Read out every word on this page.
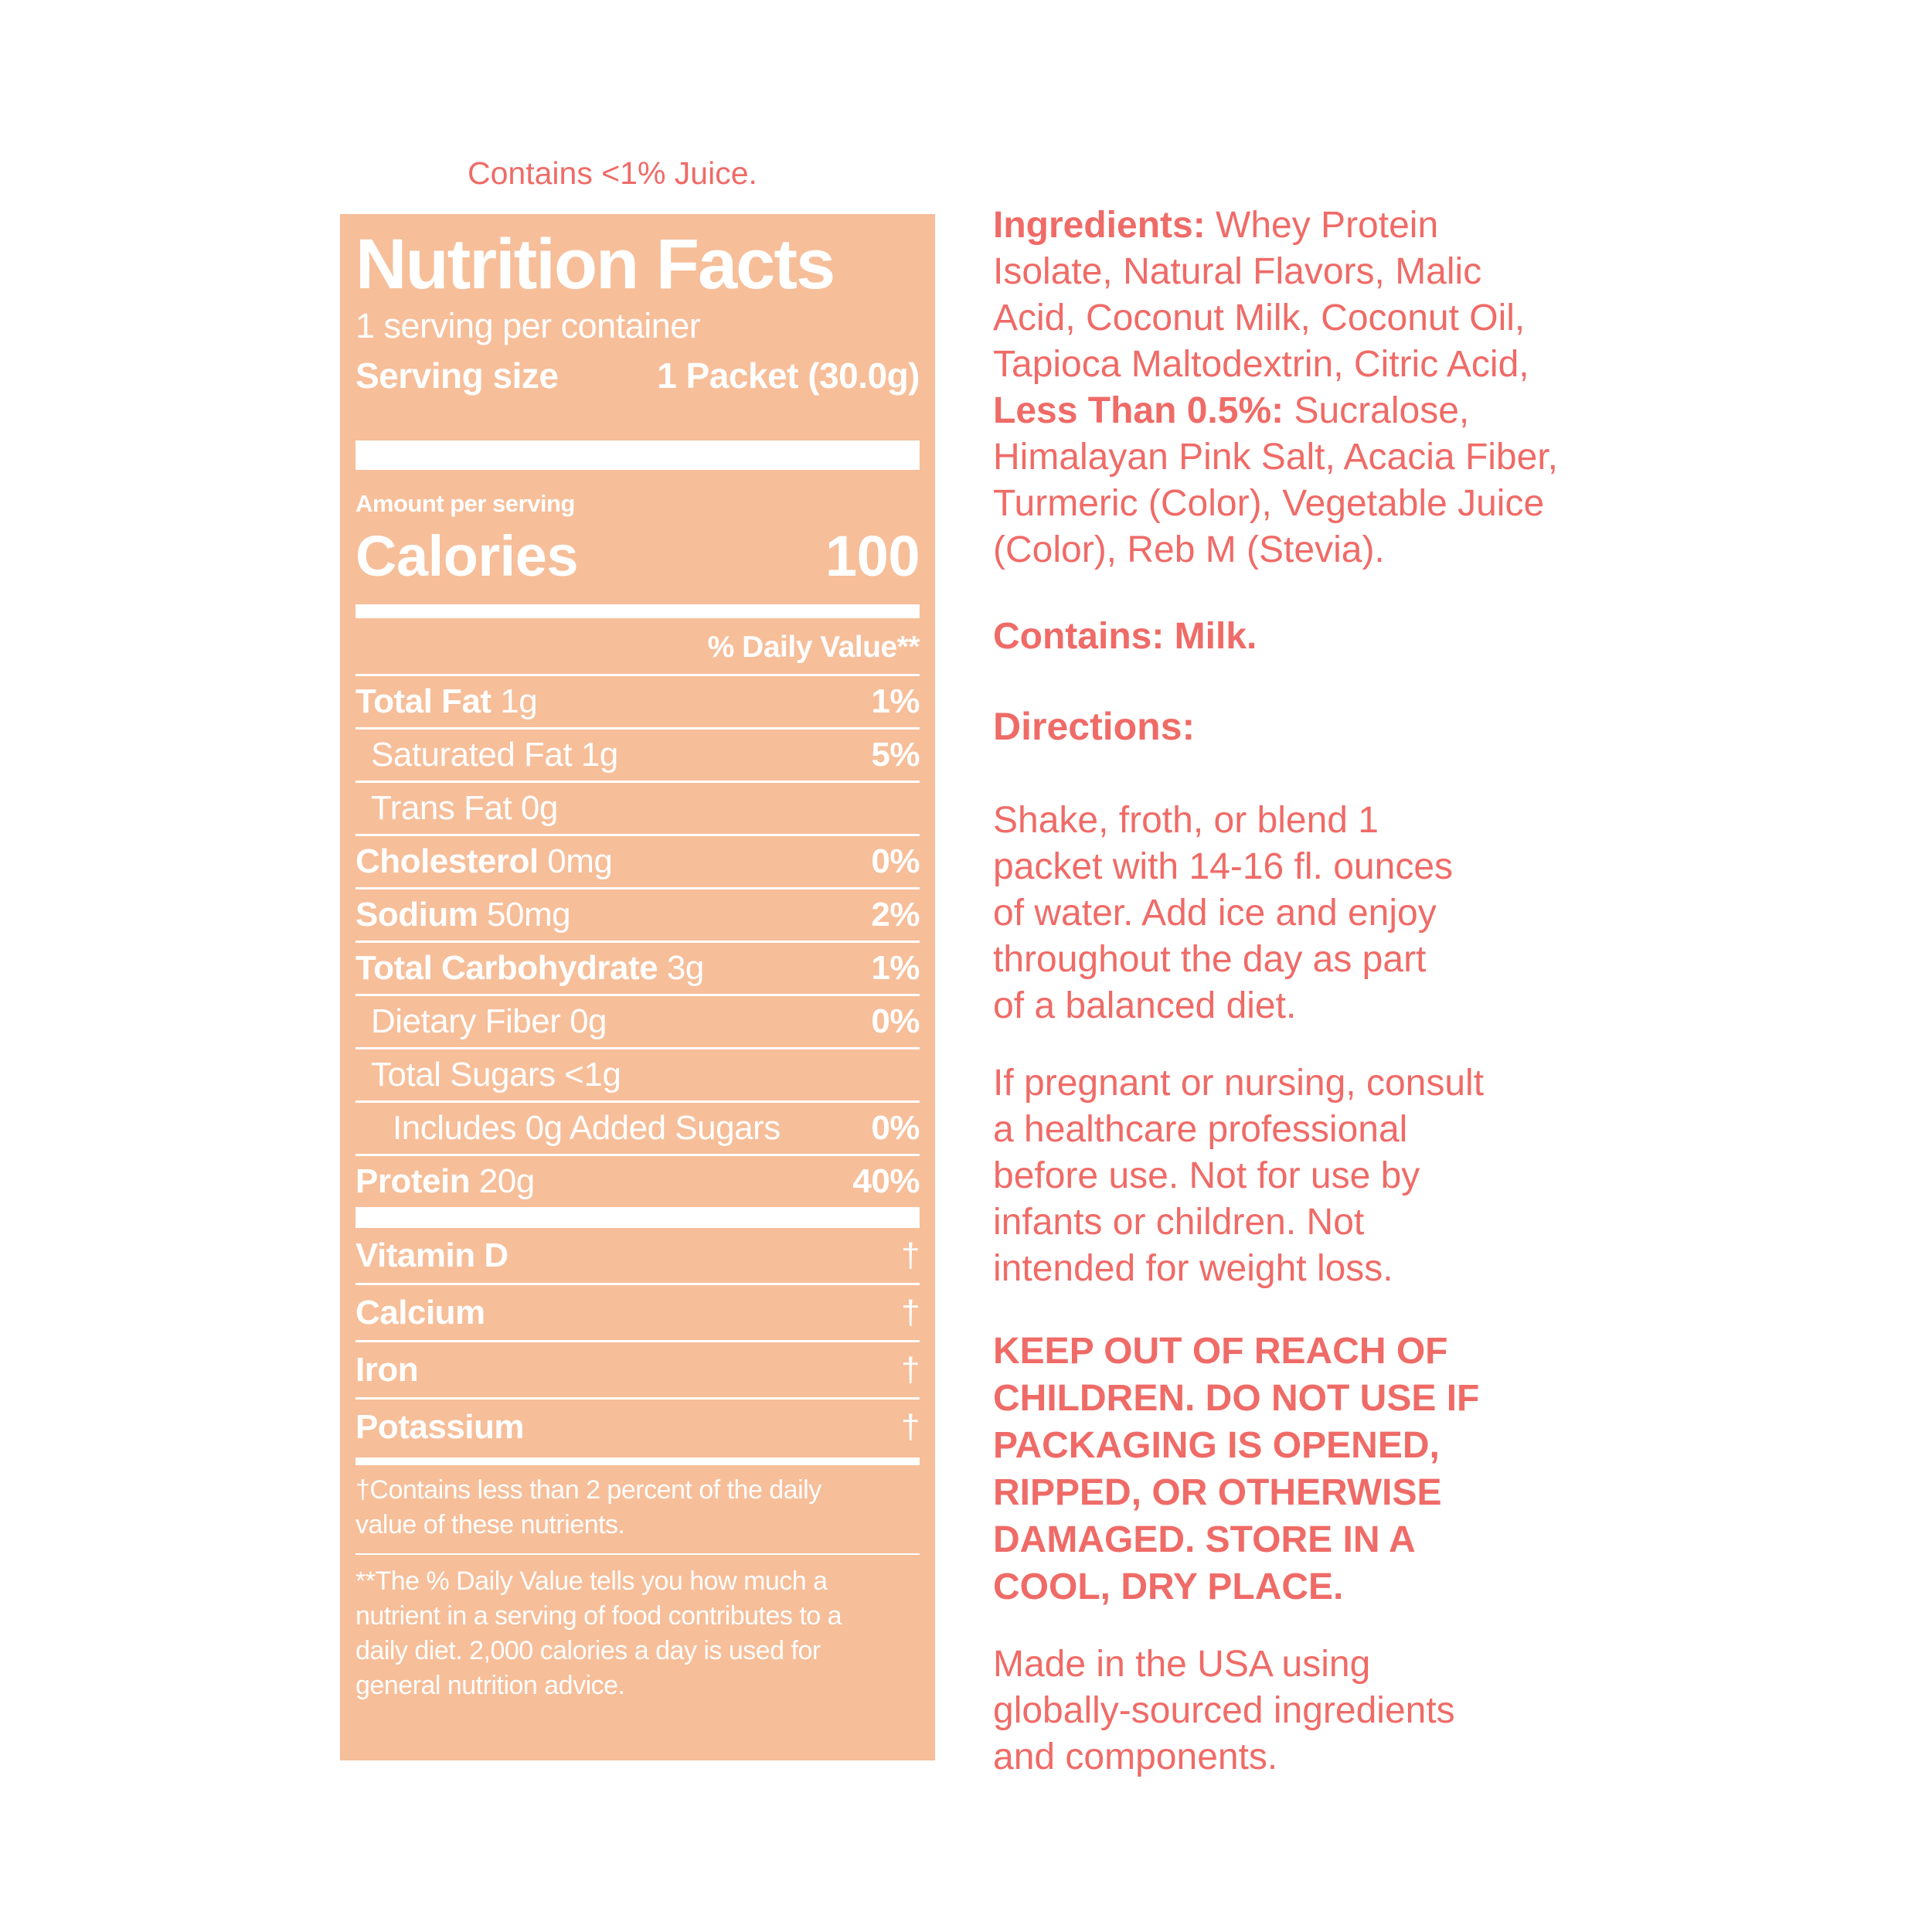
Contains <1% Juice.
Nutrition Facts
1 serving per container
Serving size	1 Packet (30.0g)
Amount per serving
Calories	100
% Daily Value**
Total Fat 1g	1%
Saturated Fat 1g	5%
Trans Fat 0g
Cholesterol 0mg	0%
Sodium 50mg	2%
Total Carbohydrate 3g	1%
Dietary Fiber 0g	0%
Total Sugars <1g
Includes 0g Added Sugars	0%
Protein 20g	40%
Vitamin D	†
Calcium	†
Iron	†
Potassium	†
†Contains less than 2 percent of the daily
value of these nutrients.
**The % Daily Value tells you how much a
nutrient in a serving of food contributes to a
daily diet. 2,000 calories a day is used for
general nutrition advice.
Ingredients: Whey Protein
Isolate, Natural Flavors, Malic
Acid, Coconut Milk, Coconut Oil,
Tapioca Maltodextrin, Citric Acid,
Less Than 0.5%: Sucralose,
Himalayan Pink Salt, Acacia Fiber,
Turmeric (Color), Vegetable Juice
(Color), Reb M (Stevia).
Contains: Milk.
Directions:
Shake, froth, or blend 1
packet with 14-16 fl. ounces
of water. Add ice and enjoy
throughout the day as part
of a balanced diet.
If pregnant or nursing, consult
a healthcare professional
before use. Not for use by
infants or children. Not
intended for weight loss.
KEEP OUT OF REACH OF
CHILDREN. DO NOT USE IF
PACKAGING IS OPENED,
RIPPED, OR OTHERWISE
DAMAGED. STORE IN A
COOL, DRY PLACE.
Made in the USA using
globally-sourced ingredients
and components.
